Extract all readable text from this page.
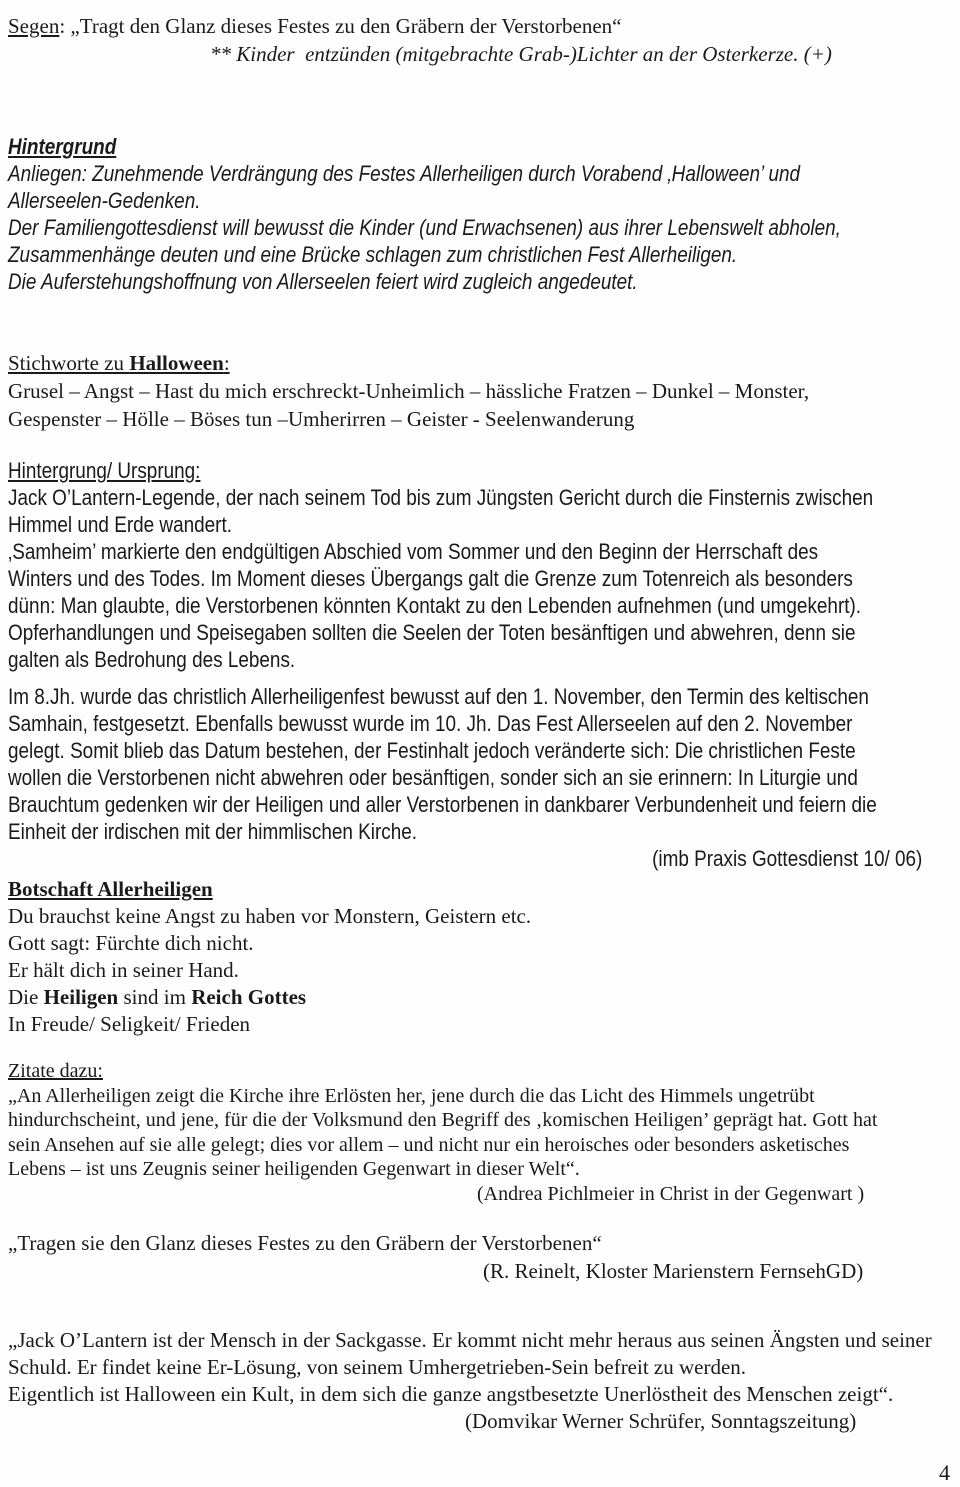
Segen: „Tragt den Glanz dieses Festes zu den Gräbern der Verstorbenen“
** Kinder  entzünden (mitgebrachte Grab-)Lichter an der Osterkerze. (+)
Hintergrund
Anliegen: Zunehmende Verdrängung des Festes Allerheiligen durch Vorabend ‚Halloween’ und
Allerseelen-Gedenken.
Der Familiengottesdienst will bewusst die Kinder (und Erwachsenen) aus ihrer Lebenswelt abholen,
Zusammenhänge deuten und eine Brücke schlagen zum christlichen Fest Allerheiligen.
Die Auferstehungshoffnung von Allerseelen feiert wird zugleich angedeutet.
Stichworte zu Halloween:
Grusel – Angst – Hast du mich erschreckt-Unheimlich – hässliche Fratzen – Dunkel – Monster,
Gespenster – Hölle – Böses tun –Umherirren – Geister - Seelenwanderung
Hintergrung/ Ursprung:
Jack O’Lantern-Legende, der nach seinem Tod bis zum Jüngsten Gericht durch die Finsternis zwischen
Himmel und Erde wandert.
‚Samheim’ markierte den endgültigen Abschied vom Sommer und den Beginn der Herrschaft des
Winters und des Todes. Im Moment dieses Übergangs galt die Grenze zum Totenreich als besonders
dünn: Man glaubte, die Verstorbenen könnten Kontakt zu den Lebenden aufnehmen (und umgekehrt).
Opferhandlungen und Speisegaben sollten die Seelen der Toten besänftigen und abwehren, denn sie
galten als Bedrohung des Lebens.
Im 8.Jh. wurde das christlich Allerheiligenfest bewusst auf den 1. November, den Termin des keltischen
Samhain, festgesetzt. Ebenfalls bewusst wurde im 10. Jh. Das Fest Allerseelen auf den 2. November
gelegt. Somit blieb das Datum bestehen, der Festinhalt jedoch veränderte sich: Die christlichen Feste
wollen die Verstorbenen nicht abwehren oder besänftigen, sonder sich an sie erinnern: In Liturgie und
Brauchtum gedenken wir der Heiligen und aller Verstorbenen in dankbarer Verbundenheit und feiern die
Einheit der irdischen mit der himmlischen Kirche.
(imb Praxis Gottesdienst 10/ 06)
Botschaft Allerheiligen
Du brauchst keine Angst zu haben vor Monstern, Geistern etc.
Gott sagt: Fürchte dich nicht.
Er hält dich in seiner Hand.
Die Heiligen sind im Reich Gottes
In Freude/ Seligkeit/ Frieden
Zitate dazu:
„An Allerheiligen zeigt die Kirche ihre Erlösten her, jene durch die das Licht des Himmels ungetrübt
hindurchscheint, und jene, für die der Volksmund den Begriff des ‚komischen Heiligen’ geprägt hat. Gott hat
sein Ansehen auf sie alle gelegt; dies vor allem – und nicht nur ein heroisches oder besonders asketisches
Lebens – ist uns Zeugnis seiner heiligenden Gegenwart in dieser Welt“.
(Andrea Pichlmeier in Christ in der Gegenwart )
„Tragen sie den Glanz dieses Festes zu den Gräbern der Verstorbenen“
(R. Reinelt, Kloster Marienstern FernsehGD)
„Jack O’Lantern ist der Mensch in der Sackgasse. Er kommt nicht mehr heraus aus seinen Ängsten und seiner
Schuld. Er findet keine Er-Lösung, von seinem Umhergetrieben-Sein befreit zu werden.
Eigentlich ist Halloween ein Kult, in dem sich die ganze angstbesetzte Unerlöstheit des Menschen zeigt“.
(Domvikar Werner Schrüfer, Sonntagszeitung)
4
